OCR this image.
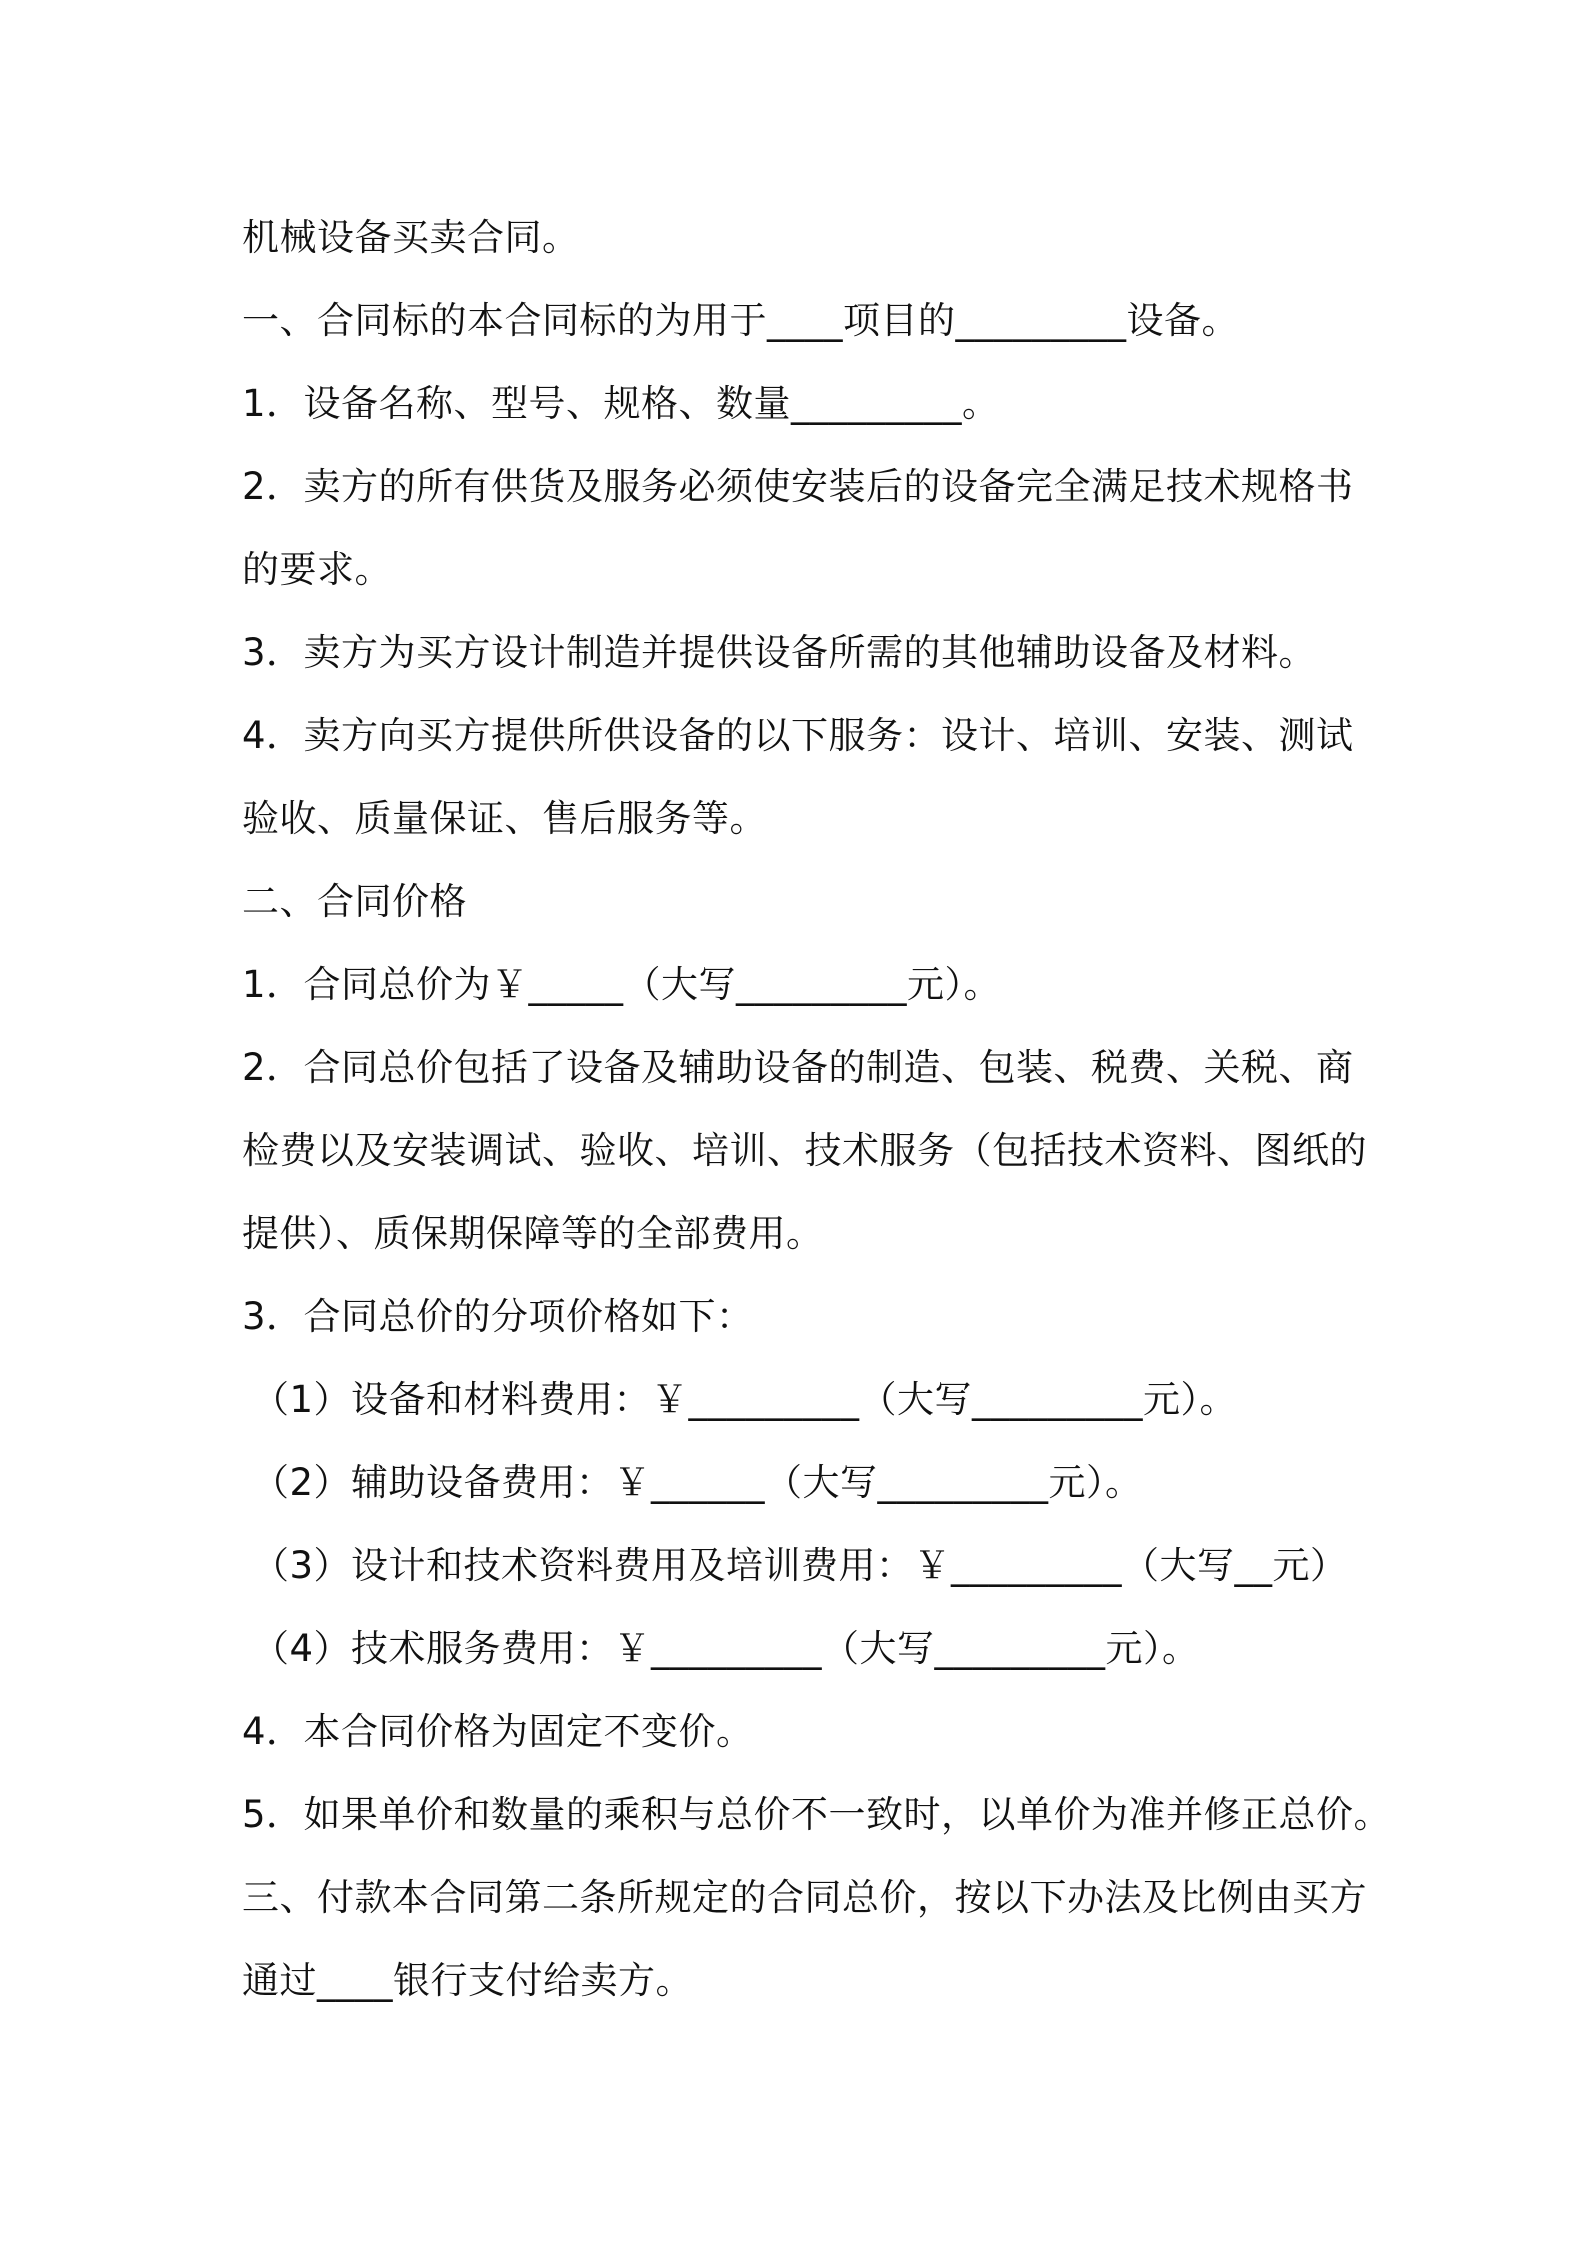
机械设备买卖合同。
一、合同标的本合同标的为用于____项目的_________设备。
1．设备名称、型号、规格、数量_________。
2．卖方的所有供货及服务必须使安装后的设备完全满足技术规格书
的要求。
3．卖方为买方设计制造并提供设备所需的其他辅助设备及材料。
4．卖方向买方提供所供设备的以下服务：设计、培训、安装、测试
验收、质量保证、售后服务等。
二、合同价格
1．合同总价为￥_____（大写_________元）。
2．合同总价包括了设备及辅助设备的制造、包装、税费、关税、商
检费以及安装调试、验收、培训、技术服务（包括技术资料、图纸的
提供）、质保期保障等的全部费用。
3．合同总价的分项价格如下：
（1）设备和材料费用：￥_________（大写_________元）。
（2）辅助设备费用：￥______（大写_________元）。
（3）设计和技术资料费用及培训费用：￥_________（大写__元）
（4）技术服务费用：￥_________（大写_________元）。
4．本合同价格为固定不变价。
5．如果单价和数量的乘积与总价不一致时，以单价为准并修正总价。
三、付款本合同第二条所规定的合同总价，按以下办法及比例由买方
通过____银行支付给卖方。
